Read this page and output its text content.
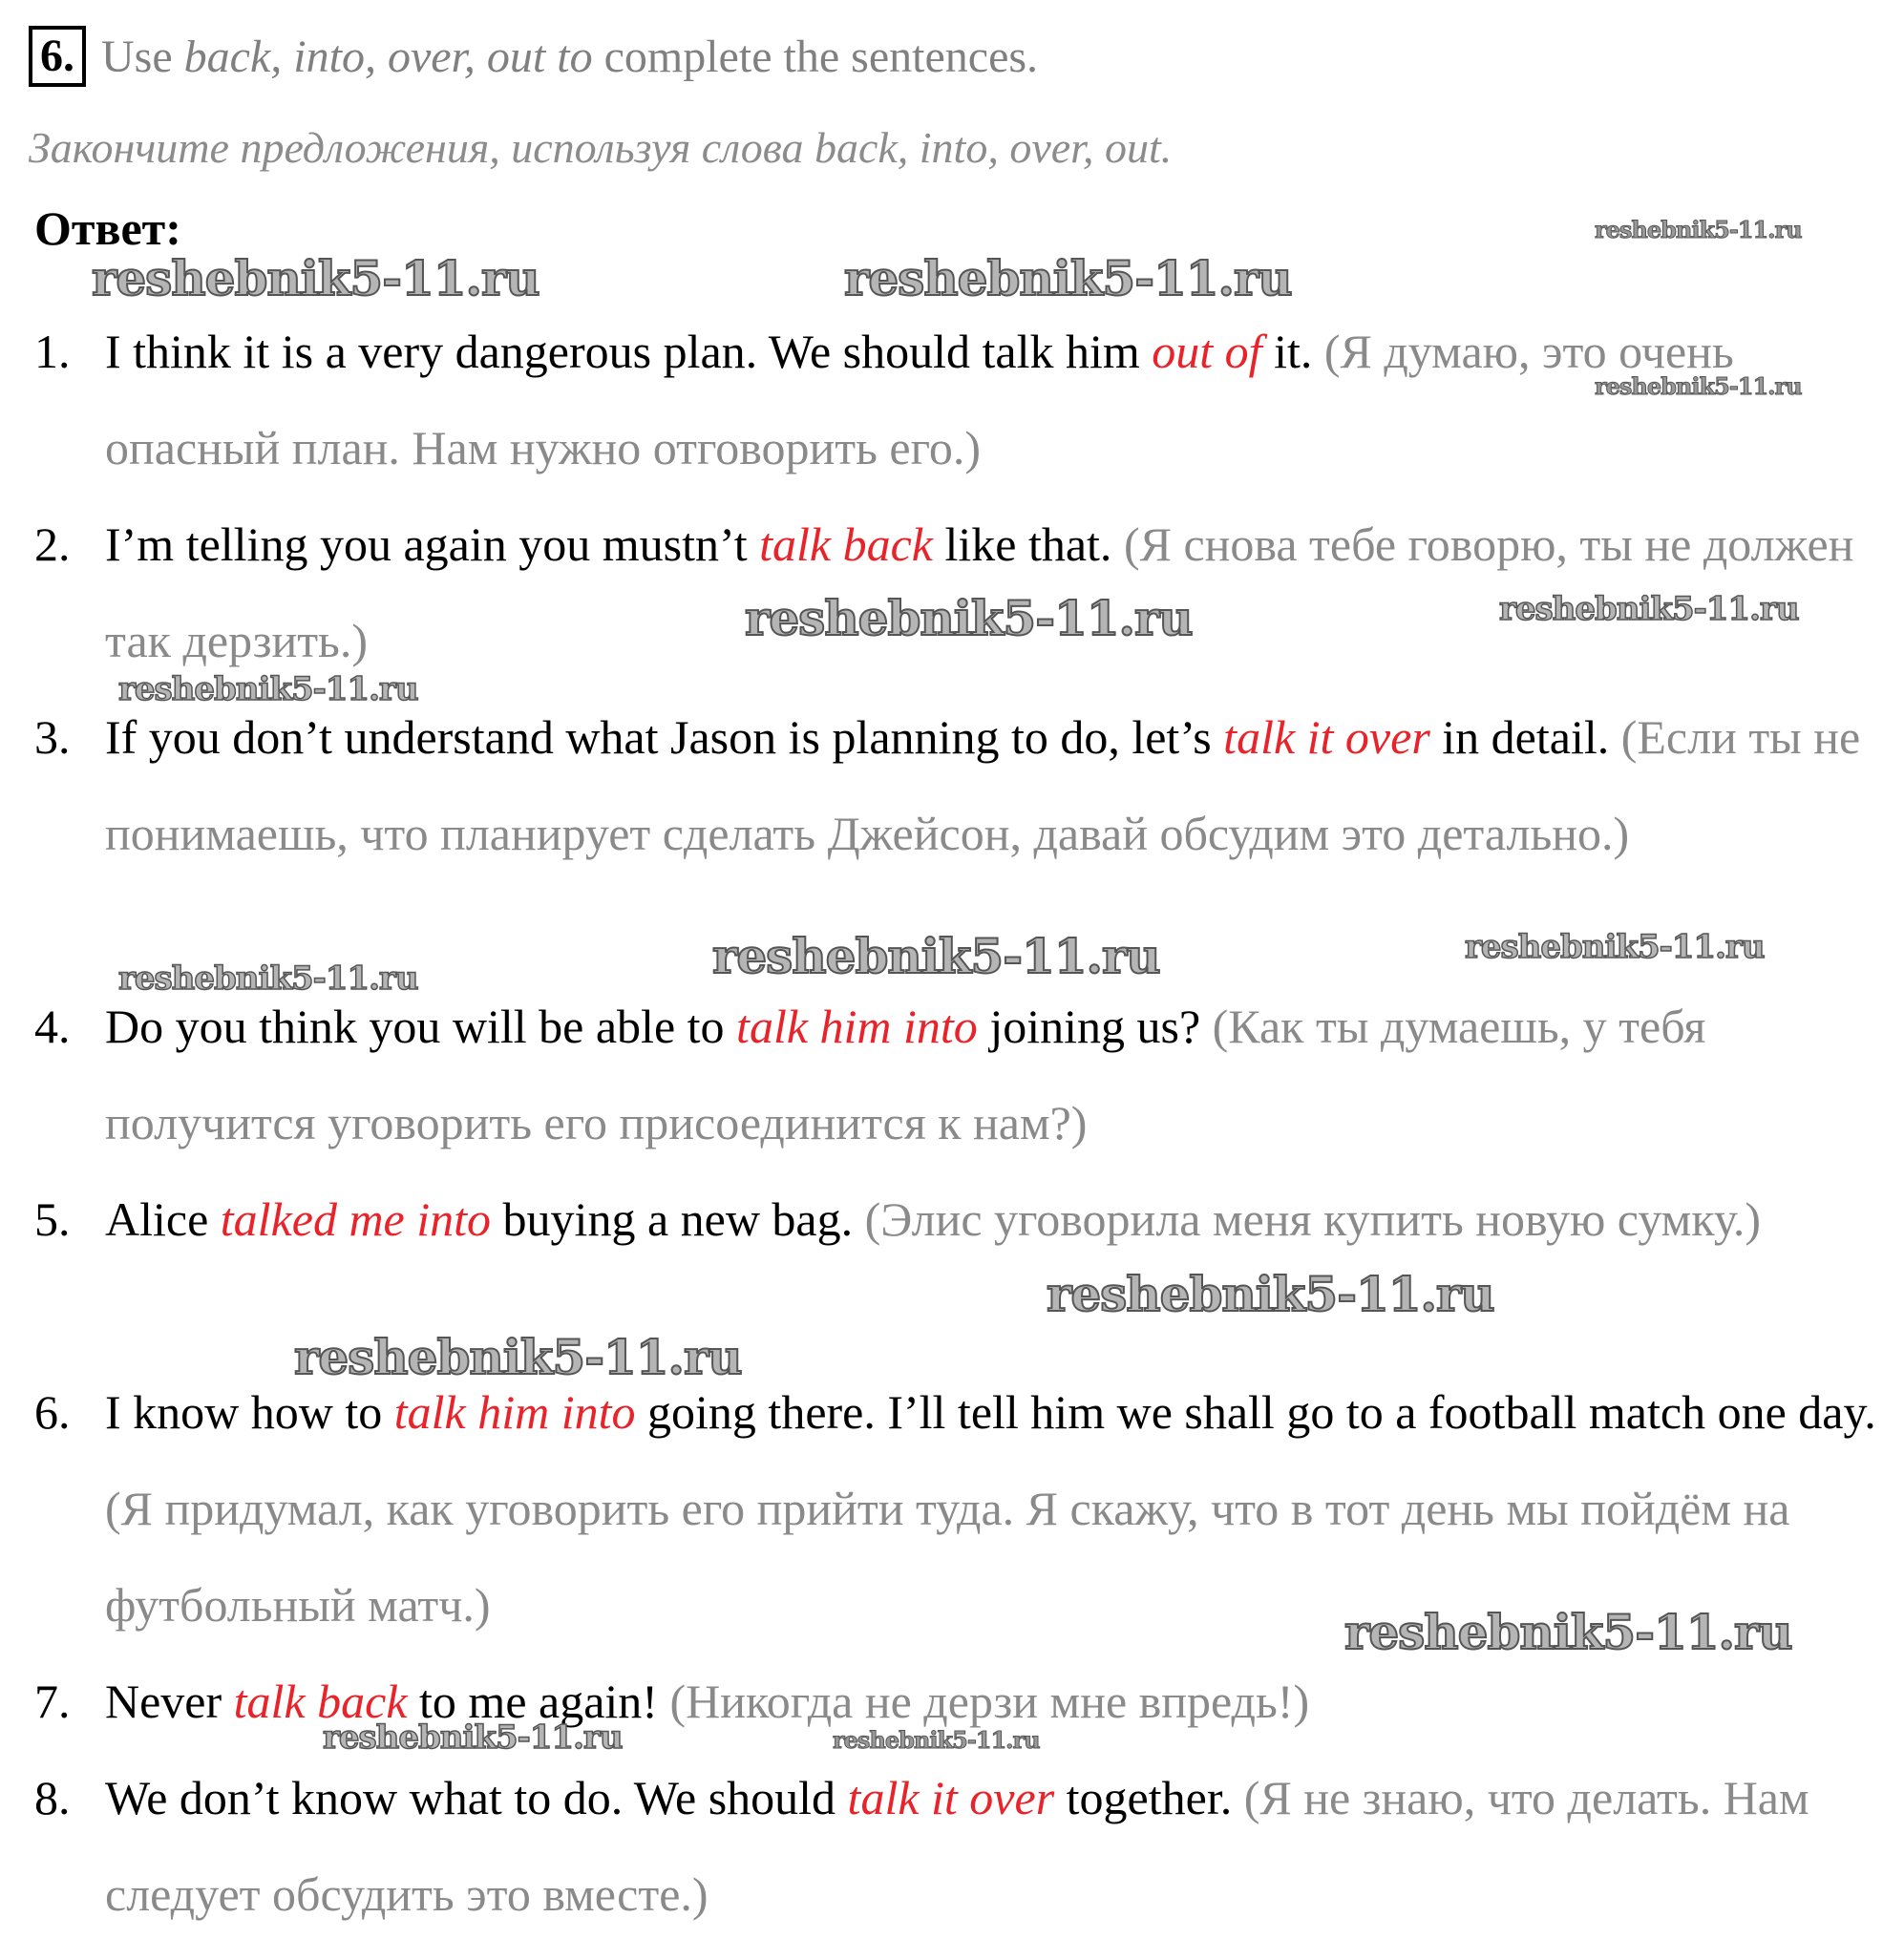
6. Use back, into, over, out to complete the sentences.
Закончите предложения, используя слова back, into, over, out.
Ответ:
1. I think it is a very dangerous plan. We should talk him out of it. (Я думаю, это очень опасный план. Нам нужно отговорить его.)
2. I’m telling you again you mustn’t talk back like that. (Я снова тебе говорю, ты не должен так дерзить.)
3. If you don’t understand what Jason is planning to do, let’s talk it over in detail. (Если ты не понимаешь, что планирует сделать Джейсон, давай обсудим это детально.)
4. Do you think you will be able to talk him into joining us? (Как ты думаешь, у тебя получится уговорить его присоединится к нам?)
5. Alice talked me into buying a new bag. (Элис уговорила меня купить новую сумку.)
6. I know how to talk him into going there. I’ll tell him we shall go to a football match one day. (Я придумал, как уговорить его прийти туда. Я скажу, что в тот день мы пойдём на футбольный матч.)
7. Never talk back to me again! (Никогда не дерзи мне впредь!)
8. We don’t know what to do. We should talk it over together. (Я не знаю, что делать. Нам следует обсудить это вместе.)
reshebnik5-11.ru	reshebnik5-11.ru
reshebnik5-11.ru
reshebnik5-11.ru
reshebnik5-11.ru	reshebnik5-11.ru
reshebnik5-11.ru
reshebnik5-11.ru	reshebnik5-11.ru
reshebnik5-11.ru
reshebnik5-11.ru
reshebnik5-11.ru
reshebnik5-11.ru
reshebnik5-11.ru	reshebnik5-11.ru
